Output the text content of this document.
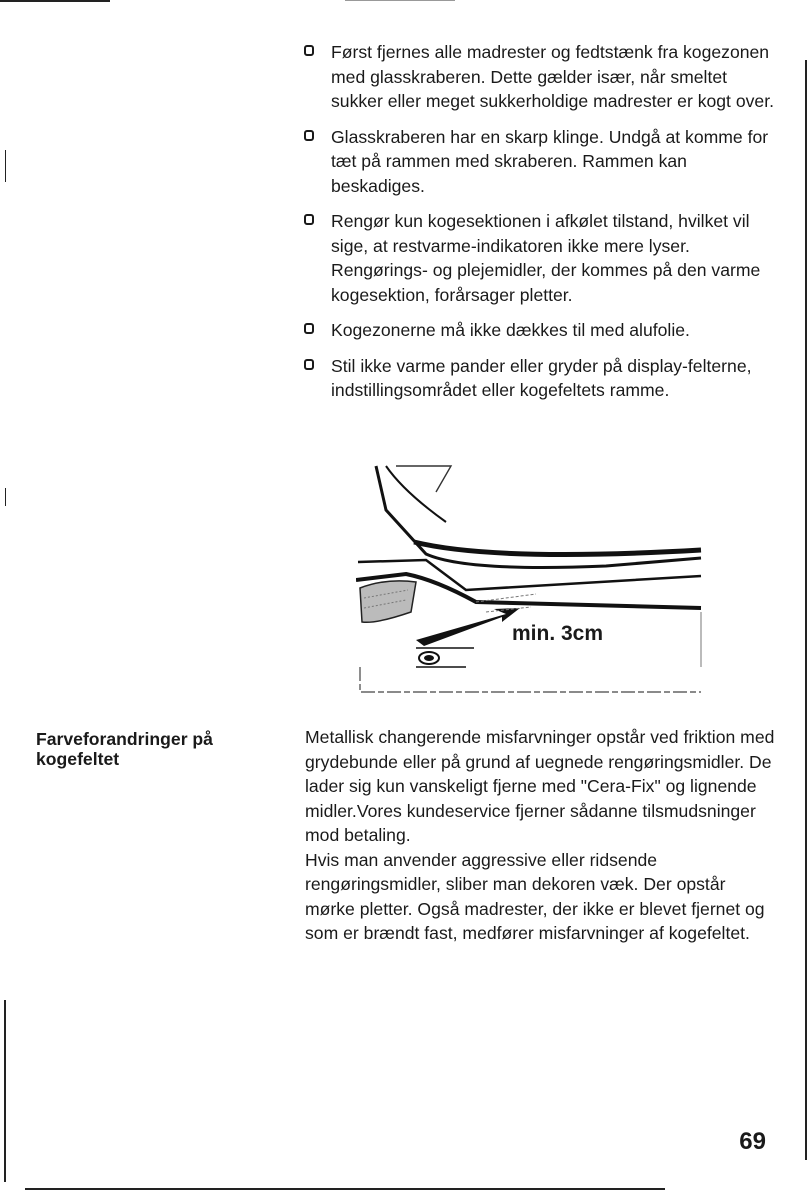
Først fjernes alle madrester og fedtstænk fra kogezonen med glasskraberen. Dette gælder især, når smeltet sukker eller meget sukkerholdige madrester er kogt over.
Glasskraberen har en skarp klinge. Undgå at komme for tæt på rammen med skraberen. Rammen kan beskadiges.
Rengør kun kogesektionen i afkølet tilstand, hvilket vil sige, at restvarme-indikatoren ikke mere lyser. Rengørings- og plejemidler, der kommes på den varme kogesektion, forårsager pletter.
Kogezonerne må ikke dækkes til med alufolie.
Stil ikke varme pander eller gryder på display-felterne, indstillingsområdet eller kogefeltets ramme.
min. 3cm
Farveforandringer på kogefeltet

Metallisk changerende misfarvninger opstår ved friktion med grydebunde eller på grund af uegnede rengøringsmidler. De lader sig kun vanskeligt fjerne med "Cera-Fix" og lignende midler.Vores kundeservice fjerner sådanne tilsmudsninger mod betaling.

Hvis man anvender aggressive eller ridsende rengøringsmidler, sliber man dekoren væk. Der opstår mørke pletter. Også madrester, der ikke er blevet fjernet og som er brændt fast, medfører misfarvninger af kogefeltet.

69
